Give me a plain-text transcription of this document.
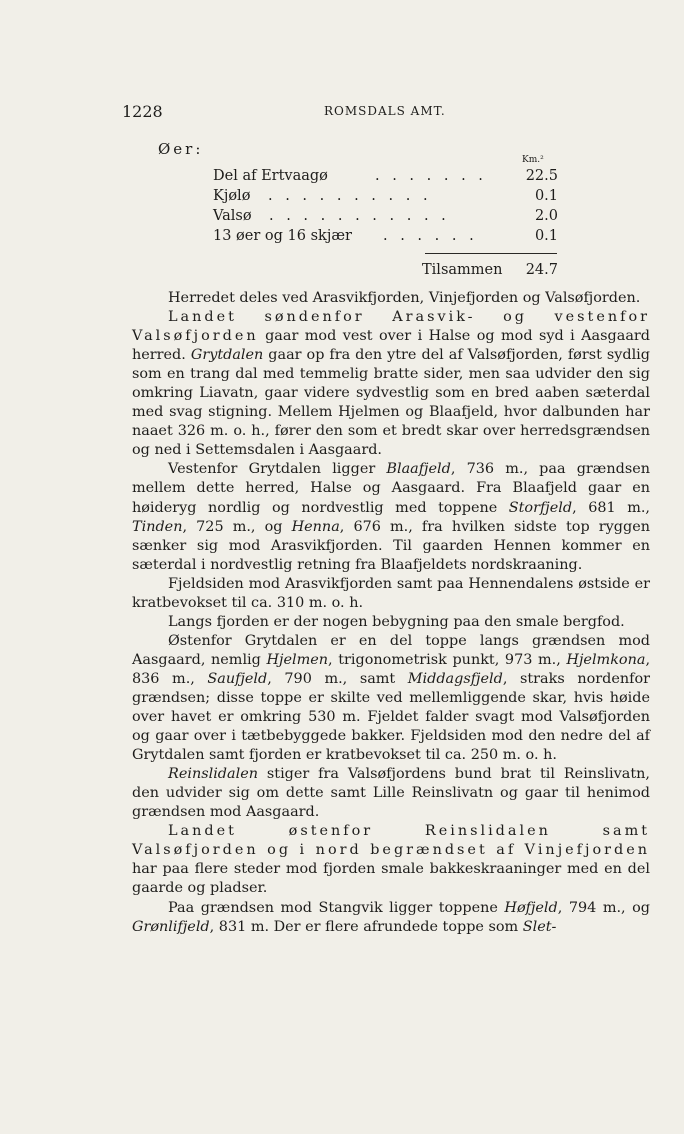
1228	ROMSDALS AMT.
Øer:
Km.²
Del af Ertvaagø	. . . . . . .	22.5
Kjølø . . . . . . . . . .	0.1
Valsø . . . . . . . . . . .	2.0
13 øer og 16 skjær . . . . . .	0.1
Tilsammen 24.7

Herredet deles ved Arasvikfjorden, Vinjefjorden og Valsøfjorden.

Landet søndenfor Arasvik- og vestenfor Valsøfjorden gaar mod vest over i Halse og mod syd i Aasgaard herred. Grytdalen gaar op fra den ytre del af Valsøfjorden, først sydlig som en trang dal med temmelig bratte sider, men saa udvider den sig omkring Liavatn, gaar videre sydvestlig som en bred aaben sæterdal med svag stigning. Mellem Hjelmen og Blaafjeld, hvor dalbunden har naaet 326 m. o. h., fører den som et bredt skar over herredsgrændsen og ned i Settemsdalen i Aasgaard.

Vestenfor Grytdalen ligger Blaafjeld, 736 m., paa grændsen mellem dette herred, Halse og Aasgaard. Fra Blaafjeld gaar en høideryg nordlig og nordvestlig med toppene Storfjeld, 681 m., Tinden, 725 m., og Henna, 676 m., fra hvilken sidste top ryggen sænker sig mod Arasvikfjorden. Til gaarden Hennen kommer en sæterdal i nordvestlig retning fra Blaafjeldets nordskraaning.

Fjeldsiden mod Arasvikfjorden samt paa Hennendalens østside er kratbevokset til ca. 310 m. o. h.

Langs fjorden er der nogen bebygning paa den smale bergfod.

Østenfor Grytdalen er en del toppe langs grændsen mod Aasgaard, nemlig Hjelmen, trigonometrisk punkt, 973 m., Hjelmkona, 836 m., Saufjeld, 790 m., samt Middagsfjeld, straks nordenfor grændsen; disse toppe er skilte ved mellemliggende skar, hvis høide over havet er omkring 530 m. Fjeldet falder svagt mod Valsøfjorden og gaar over i tætbebyggede bakker. Fjeldsiden mod den nedre del af Grytdalen samt fjorden er kratbevokset til ca. 250 m. o. h.

Reinslidalen stiger fra Valsøfjordens bund brat til Reinslivatn, den udvider sig om dette samt Lille Reinslivatn og gaar til henimod grændsen mod Aasgaard.

Landet østenfor Reinslidalen samt Valsøfjorden og i nord begrændset af Vinjefjorden har paa flere steder mod fjorden smale bakkeskraaninger med en del gaarde og pladser.

Paa grændsen mod Stangvik ligger toppene Høfjeld, 794 m., og Grønlifjeld, 831 m. Der er flere afrundede toppe som Slet-
